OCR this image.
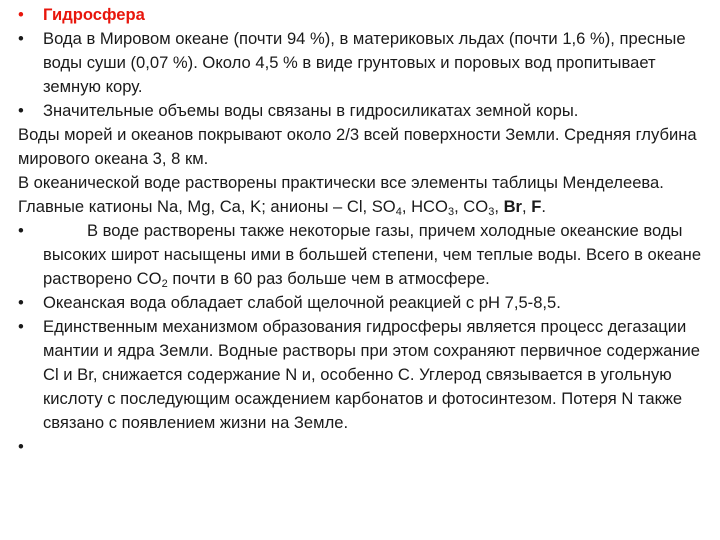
•	Гидросфера
•	Вода в Мировом океане (почти 94 %), в материковых льдах (почти 1,6 %), пресные воды суши (0,07 %). Около 4,5 % в виде грунтовых и поровых вод пропитывает земную кору.
•	Значительные объемы воды связаны в гидросиликатах земной коры.
Воды морей и океанов покрывают около 2/3 всей поверхности Земли. Средняя глубина мирового океана 3, 8 км.
В океанической воде растворены практически все элементы таблицы Менделеева. Главные катионы Na, Mg, Ca, K; анионы – Cl, $SO_4$, $HCO_3$, $CO_3$, Br, F.
•	В воде растворены также некоторые газы, причем холодные океанские воды высоких широт насыщены ими в большей степени, чем теплые воды. Всего в океане растворено $CO_2$ почти в 60 раз больше чем в атмосфере.
•	Океанская вода обладает слабой щелочной реакцией с pH 7,5-8,5.
•	Единственным механизмом образования гидросферы является процесс дегазации мантии и ядра Земли. Водные растворы при этом сохраняют первичное содержание Cl и Br, снижается содержание N и, особенно C. Углерод связывается в угольную кислоту с последующим осаждением карбонатов и фотосинтезом. Потеря N также связано с появлением жизни на Земле.
•
